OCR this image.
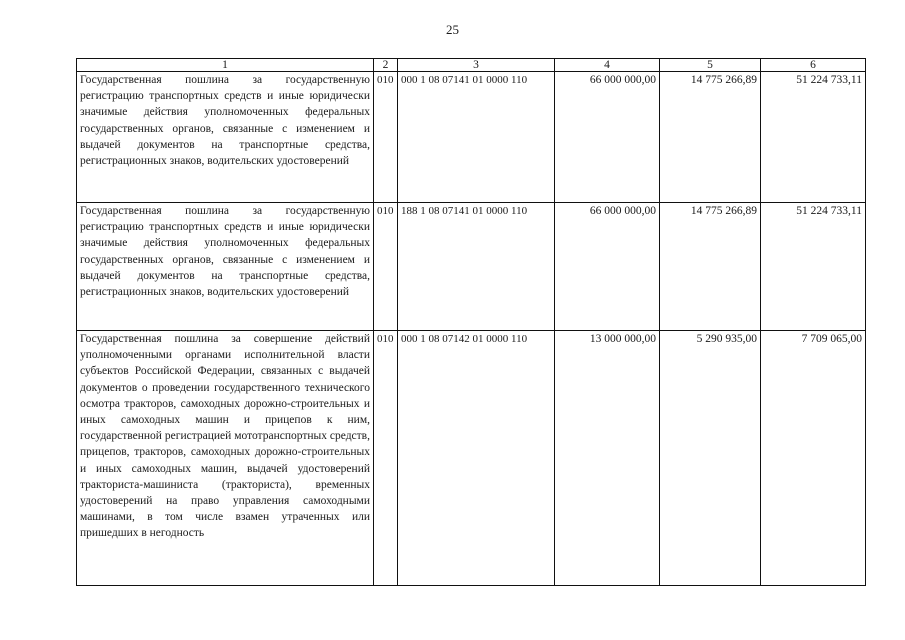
25
1	2	3	4	5	6
Государственная пошлина за государственную регистрацию транспортных средств и иные юридически значимые действия уполномоченных федеральных государственных органов, связанные с изменением и выдачей документов на транспортные средства, регистрационных знаков, водительских удостоверений	010	000 1 08 07141 01 0000 110	66 000 000,00	14 775 266,89	51 224 733,11
Государственная пошлина за государственную регистрацию транспортных средств и иные юридически значимые действия уполномоченных федеральных государственных органов, связанные с изменением и выдачей документов на транспортные средства, регистрационных знаков, водительских удостоверений	010	188 1 08 07141 01 0000 110	66 000 000,00	14 775 266,89	51 224 733,11
Государственная пошлина за совершение действий уполномоченными органами исполнительной власти субъектов Российской Федерации, связанных с выдачей документов о проведении государственного технического осмотра тракторов, самоходных дорожно-строительных и иных самоходных машин и прицепов к ним, государственной регистрацией мототранспортных средств, прицепов, тракторов, самоходных дорожно-строительных и иных самоходных машин, выдачей удостоверений тракториста-машиниста (тракториста), временных удостоверений на право управления самоходными машинами, в том числе взамен утраченных или пришедших в негодность	010	000 1 08 07142 01 0000 110	13 000 000,00	5 290 935,00	7 709 065,00
